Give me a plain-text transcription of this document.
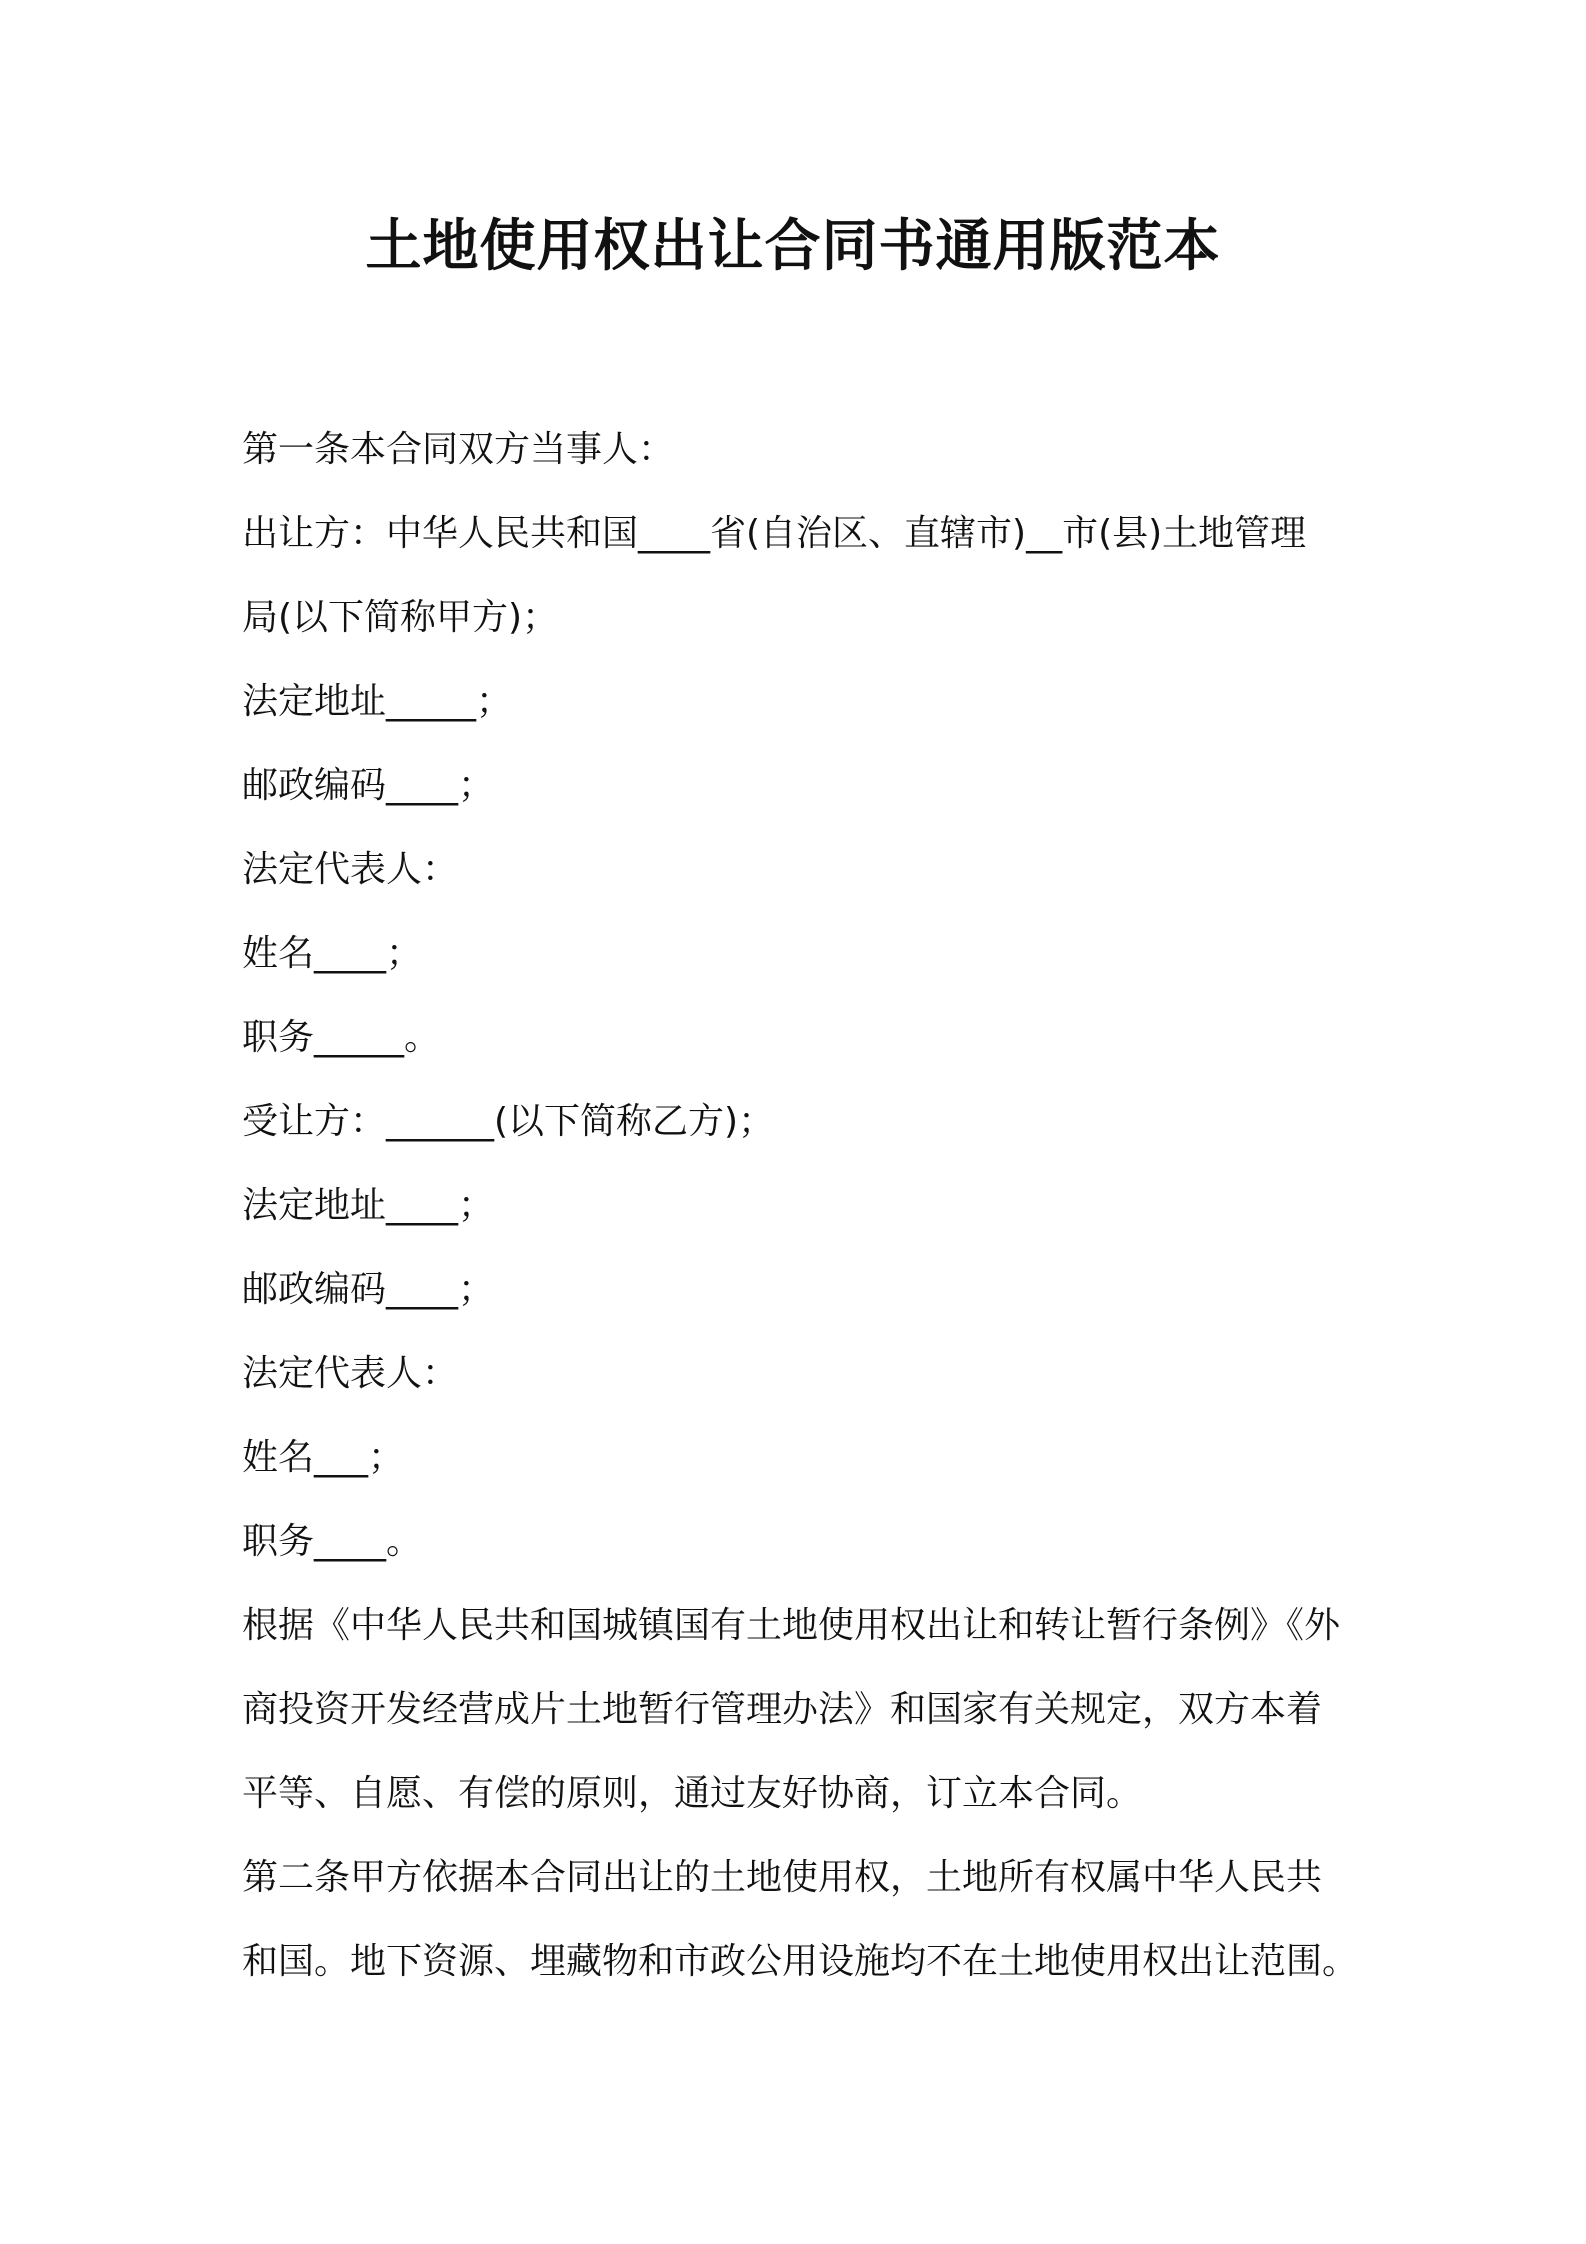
土地使用权出让合同书通用版范本
第一条本合同双方当事人：
出让方：中华人民共和国____省(自治区、直辖市)__市(县)土地管理
局(以下简称甲方)；
法定地址_____；
邮政编码____；
法定代表人：
姓名____；
职务_____。
受让方：______(以下简称乙方)；
法定地址____；
邮政编码____；
法定代表人：
姓名___；
职务____。
根据《中华人民共和国城镇国有土地使用权出让和转让暂行条例》《外
商投资开发经营成片土地暂行管理办法》和国家有关规定，双方本着
平等、自愿、有偿的原则，通过友好协商，订立本合同。
第二条甲方依据本合同出让的土地使用权，土地所有权属中华人民共
和国。地下资源、埋藏物和市政公用设施均不在土地使用权出让范围。
